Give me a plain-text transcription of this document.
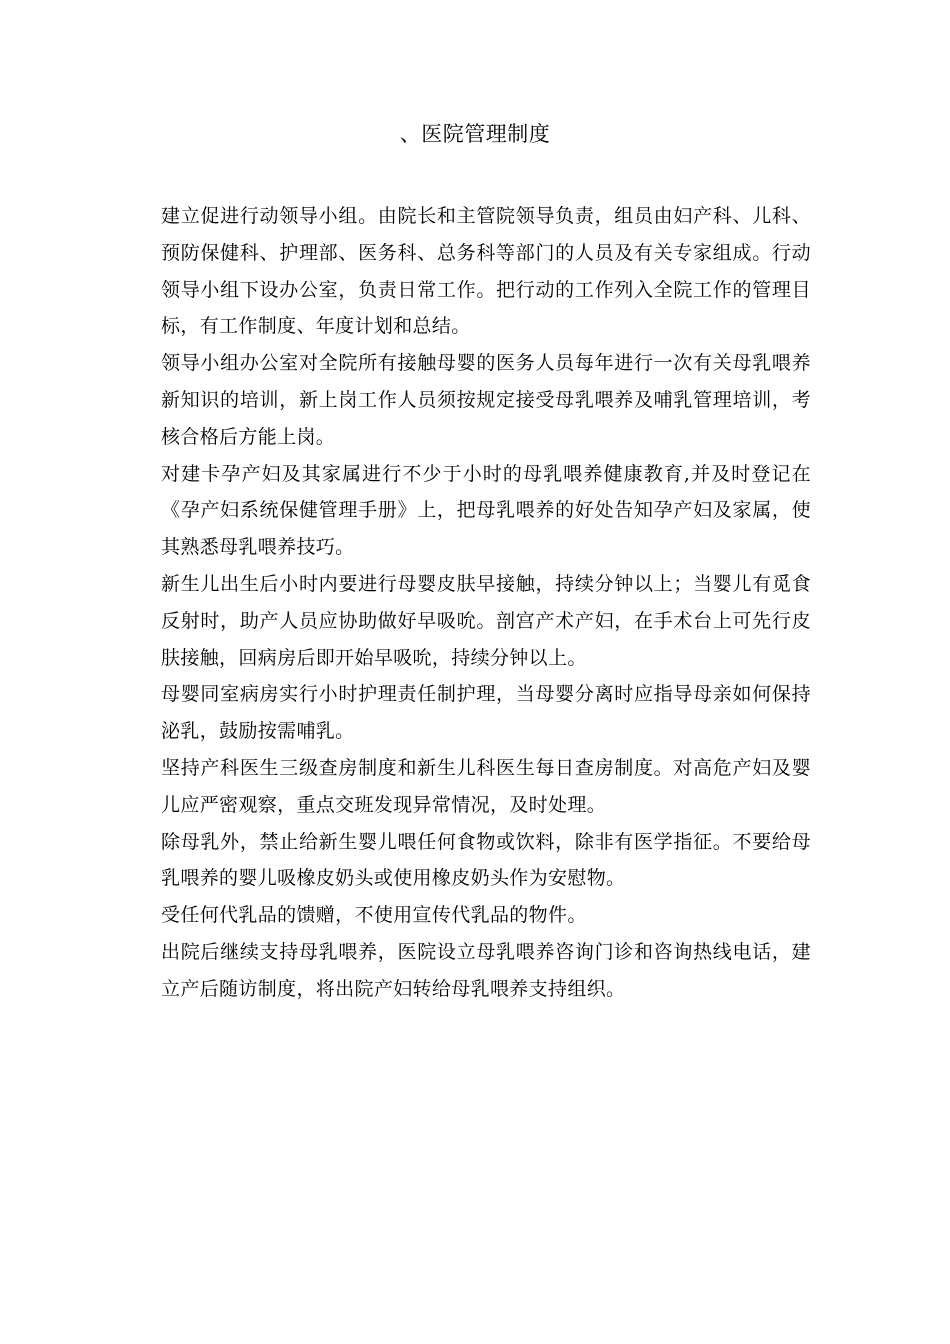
、医院管理制度

建立促进行动领导小组。由院长和主管院领导负责，组员由妇产科、儿科、预防保健科、护理部、医务科、总务科等部门的人员及有关专家组成。行动领导小组下设办公室，负责日常工作。把行动的工作列入全院工作的管理目标，有工作制度、年度计划和总结。

领导小组办公室对全院所有接触母婴的医务人员每年进行一次有关母乳喂养新知识的培训，新上岗工作人员须按规定接受母乳喂养及哺乳管理培训，考核合格后方能上岗。

对建卡孕产妇及其家属进行不少于小时的母乳喂养健康教育,并及时登记在《孕产妇系统保健管理手册》上，把母乳喂养的好处告知孕产妇及家属，使其熟悉母乳喂养技巧。

新生儿出生后小时内要进行母婴皮肤早接触，持续分钟以上；当婴儿有觅食反射时，助产人员应协助做好早吸吮。剖宫产术产妇，在手术台上可先行皮肤接触，回病房后即开始早吸吮，持续分钟以上。

母婴同室病房实行小时护理责任制护理，当母婴分离时应指导母亲如何保持泌乳，鼓励按需哺乳。

坚持产科医生三级查房制度和新生儿科医生每日查房制度。对高危产妇及婴儿应严密观察，重点交班发现异常情况，及时处理。

除母乳外，禁止给新生婴儿喂任何食物或饮料，除非有医学指征。不要给母乳喂养的婴儿吸橡皮奶头或使用橡皮奶头作为安慰物。

受任何代乳品的馈赠，不使用宣传代乳品的物件。

出院后继续支持母乳喂养，医院设立母乳喂养咨询门诊和咨询热线电话，建立产后随访制度，将出院产妇转给母乳喂养支持组织。
